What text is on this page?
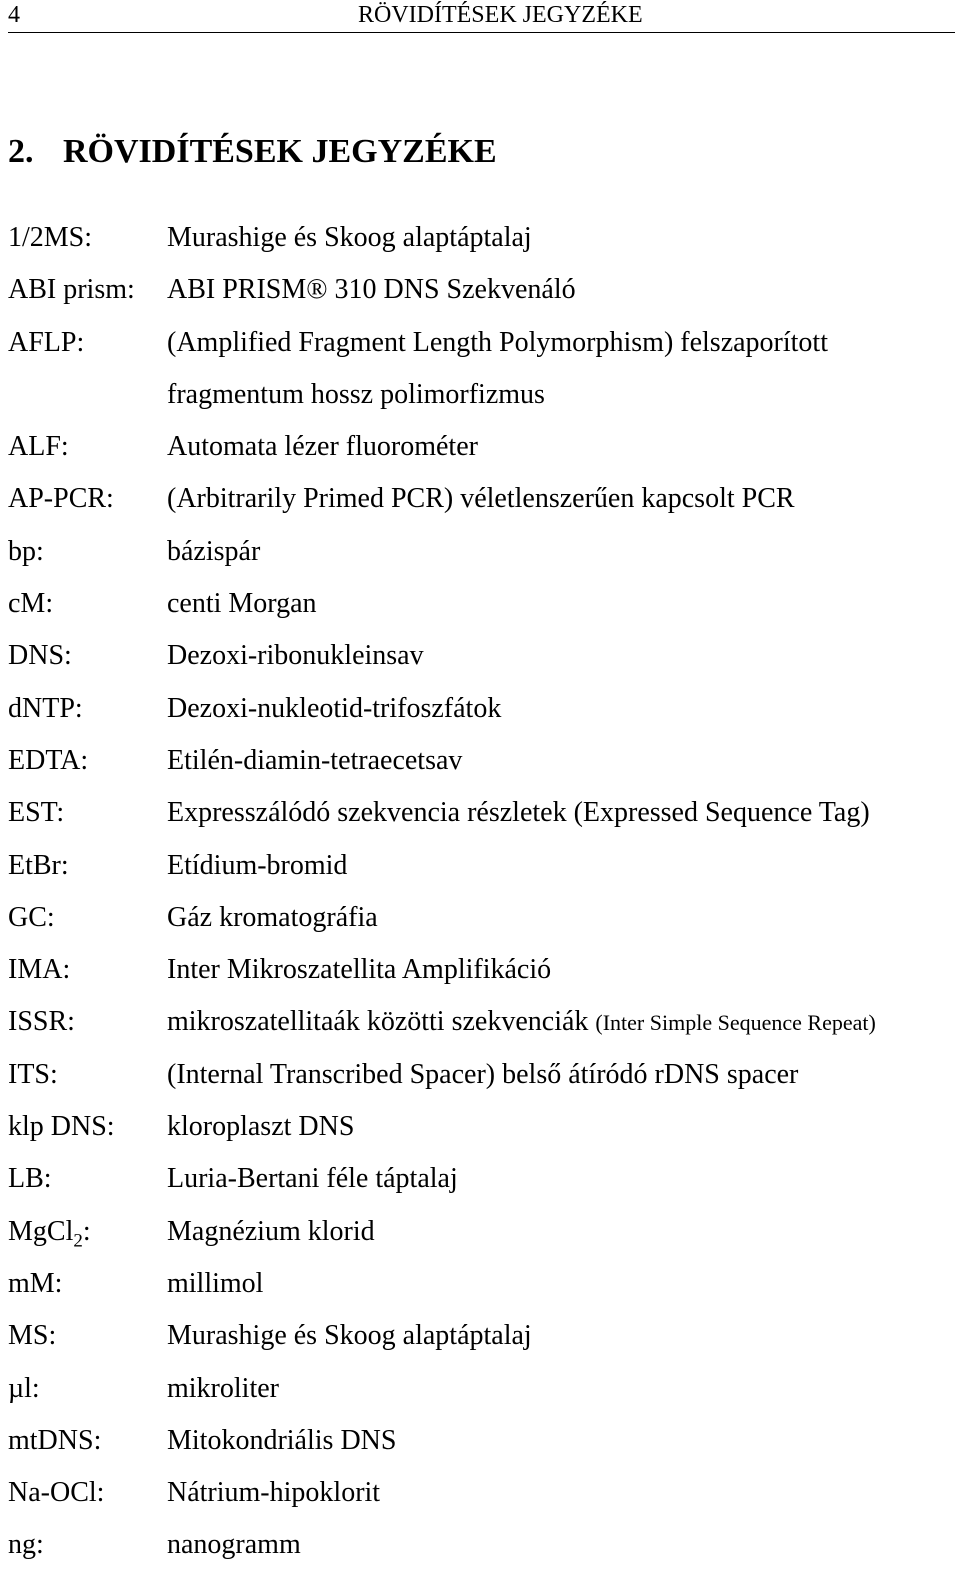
4	RÖVIDÍTÉSEK JEGYZÉKE
2. RÖVIDÍTÉSEK JEGYZÉKE
1/2MS:	Murashige és Skoog alaptáptalaj
ABI prism: ABI PRISM® 310 DNS Szekvenáló
AFLP:	(Amplified Fragment Length Polymorphism) felszaporított
fragmentum hossz polimorfizmus
ALF:	Automata lézer fluorométer
AP-PCR: (Arbitrarily Primed PCR) véletlenszerűen kapcsolt PCR
bp:	bázispár
cM:	centi Morgan
DNS:	Dezoxi-ribonukleinsav
dNTP:	Dezoxi-nukleotid-trifoszfátok
EDTA:	Etilén-diamin-tetraecetsav
EST:	Expresszálódó szekvencia részletek (Expressed Sequence Tag)
EtBr:	Etídium-bromid
GC:	Gáz kromatográfia
IMA:	Inter Mikroszatellita Amplifikáció
ISSR:	mikroszatellitaák közötti szekvenciák (Inter Simple Sequence Repeat)
ITS:	(Internal Transcribed Spacer) belső átíródó rDNS spacer
klp DNS: kloroplaszt DNS
LB:	Luria-Bertani féle táptalaj
MgCl$_2$:	Magnézium klorid
mM:	millimol
MS:	Murashige és Skoog alaptáptalaj
µl:	mikroliter
mtDNS: Mitokondriális DNS
Na-OCl: Nátrium-hipoklorit
ng:	nanogramm
